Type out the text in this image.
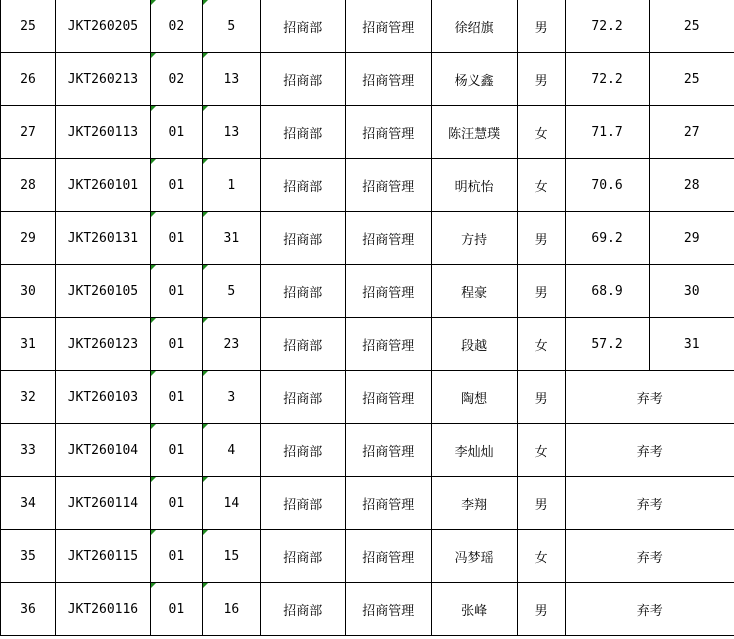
25	JKT260205	02	5	招商部	招商管理	徐绍旗	男	72.2	25
26	JKT260213	02	13	招商部	招商管理	杨义鑫	男	72.2	25
27	JKT260113	01	13	招商部	招商管理	陈汪慧璞	女	71.7	27
28	JKT260101	01	1	招商部	招商管理	明杭怡	女	70.6	28
29	JKT260131	01	31	招商部	招商管理	方持	男	69.2	29
30	JKT260105	01	5	招商部	招商管理	程豪	男	68.9	30
31	JKT260123	01	23	招商部	招商管理	段越	女	57.2	31
32	JKT260103	01	3	招商部	招商管理	陶想	男	弃考	
33	JKT260104	01	4	招商部	招商管理	李灿灿	女	弃考	
34	JKT260114	01	14	招商部	招商管理	李翔	男	弃考	
35	JKT260115	01	15	招商部	招商管理	冯梦瑶	女	弃考	
36	JKT260116	01	16	招商部	招商管理	张峰	男	弃考	
